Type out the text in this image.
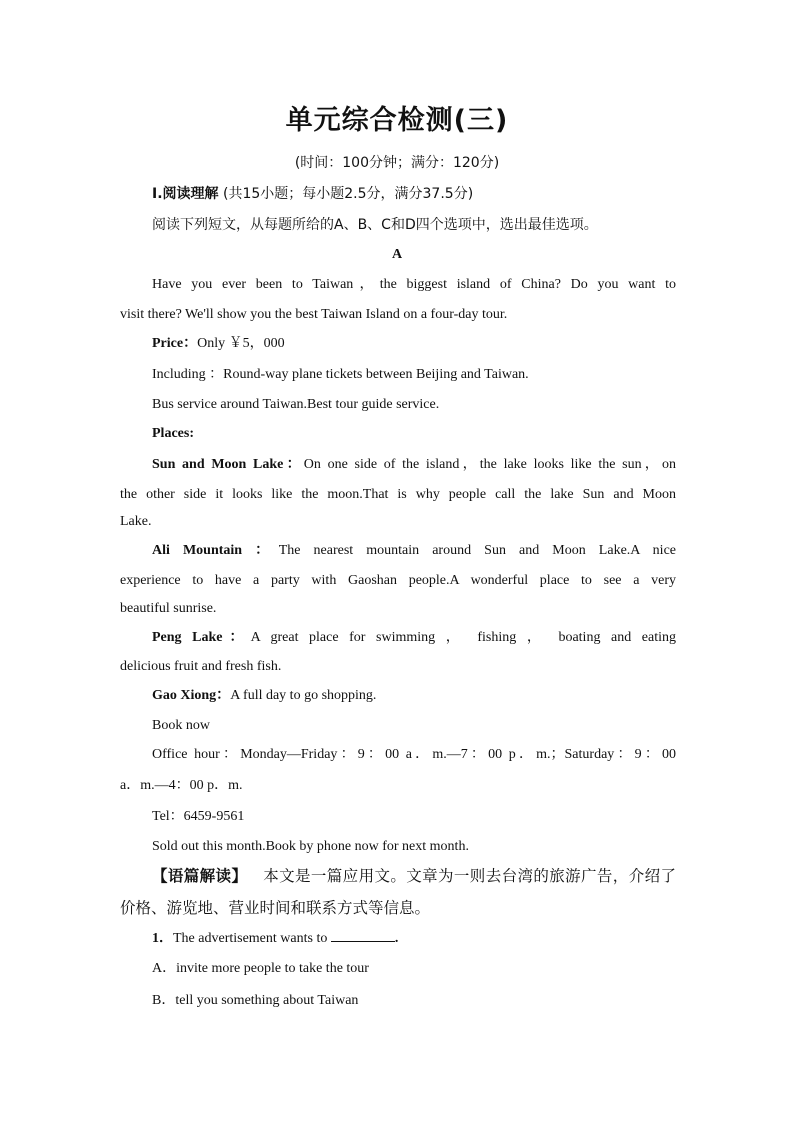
单元综合检测(三)
(时间：100分钟；满分：120分)
Ⅰ.阅读理解 (共15小题；每小题2.5分，满分37.5分)
阅读下列短文，从每题所给的A、B、C和D四个选项中，选出最佳选项。
A
Have you ever been to Taiwan，the biggest island of China? Do you want to
visit there? We'll show you the best Taiwan Island on a four-day tour.
Price：Only ￥5，000
Including ：Round-way plane tickets between Beijing and Taiwan.
Bus service around Taiwan.Best tour guide service.
Places:
Sun and Moon Lake：On one side of the island，the lake looks like the sun，on
the other side it looks like the moon.That is why people call the lake Sun and Moon
Lake.
Ali Mountain ：The nearest mountain around Sun and Moon Lake.A nice
experience to have a party with Gaoshan people.A wonderful place to see a very
beautiful sunrise.
Peng Lake：A great place for swimming ， fishing ， boating and eating
delicious fruit and fresh fish.
Gao Xiong：A full day to go shopping.
Book now
Office hour：Monday—Friday：9：00 a．m.—7：00 p．m.；Saturday：9：00
a．m.—4：00 p．m.
Tel：6459-9561
Sold out this month.Book by phone now for next month.
【语篇解读】  本文是一篇应用文。文章为一则去台湾的旅游广告，介绍了
价格、游览地、营业时间和联系方式等信息。
1．The advertisement wants to	.
A．invite more people to take the tour
B．tell you something about Taiwan
